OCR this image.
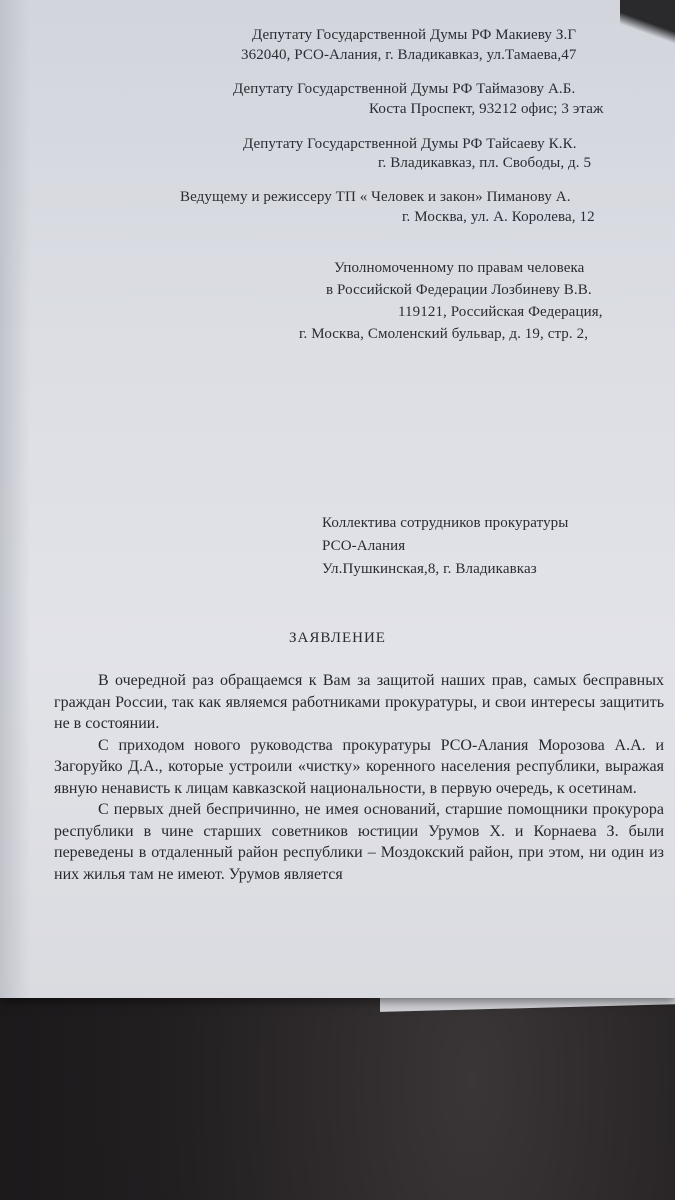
Депутату Государственной Думы РФ Макиеву З.Г
362040, РСО-Алания, г. Владикавказ, ул.Тамаева,47
Депутату Государственной Думы РФ Таймазову А.Б.
Коста Проспект, 93212 офис; 3 этаж
Депутату Государственной Думы РФ Тайсаеву К.К.
г. Владикавказ, пл. Свободы, д. 5
Ведущему и режиссеру ТП « Человек и закон» Пиманову А.
г. Москва, ул. А. Королева, 12
Уполномоченному по правам человека
в Российской Федерации Лозбиневу В.В.
119121, Российская Федерация,
г. Москва, Смоленский бульвар, д. 19, стр. 2,
Коллектива сотрудников прокуратуры
РСО-Алания
Ул.Пушкинская,8, г. Владикавказ
ЗАЯВЛЕНИЕ

В очередной раз обращаемся к Вам за защитой наших прав, самых бесправных граждан России, так как являемся работниками прокуратуры, и свои интересы защитить не в состоянии.

С приходом нового руководства прокуратуры РСО-Алания Морозова А.А. и Загоруйко Д.А., которые устроили «чистку» коренного населения республики, выражая явную ненависть к лицам кавказской национальности, в первую очередь, к осетинам.

С первых дней беспричинно, не имея оснований, старшие помощники прокурора республики в чине старших советников юстиции Урумов Х. и Корнаева З. были переведены в отдаленный район республики – Моздокский район, при этом, ни один из них жилья там не имеют. Урумов является
